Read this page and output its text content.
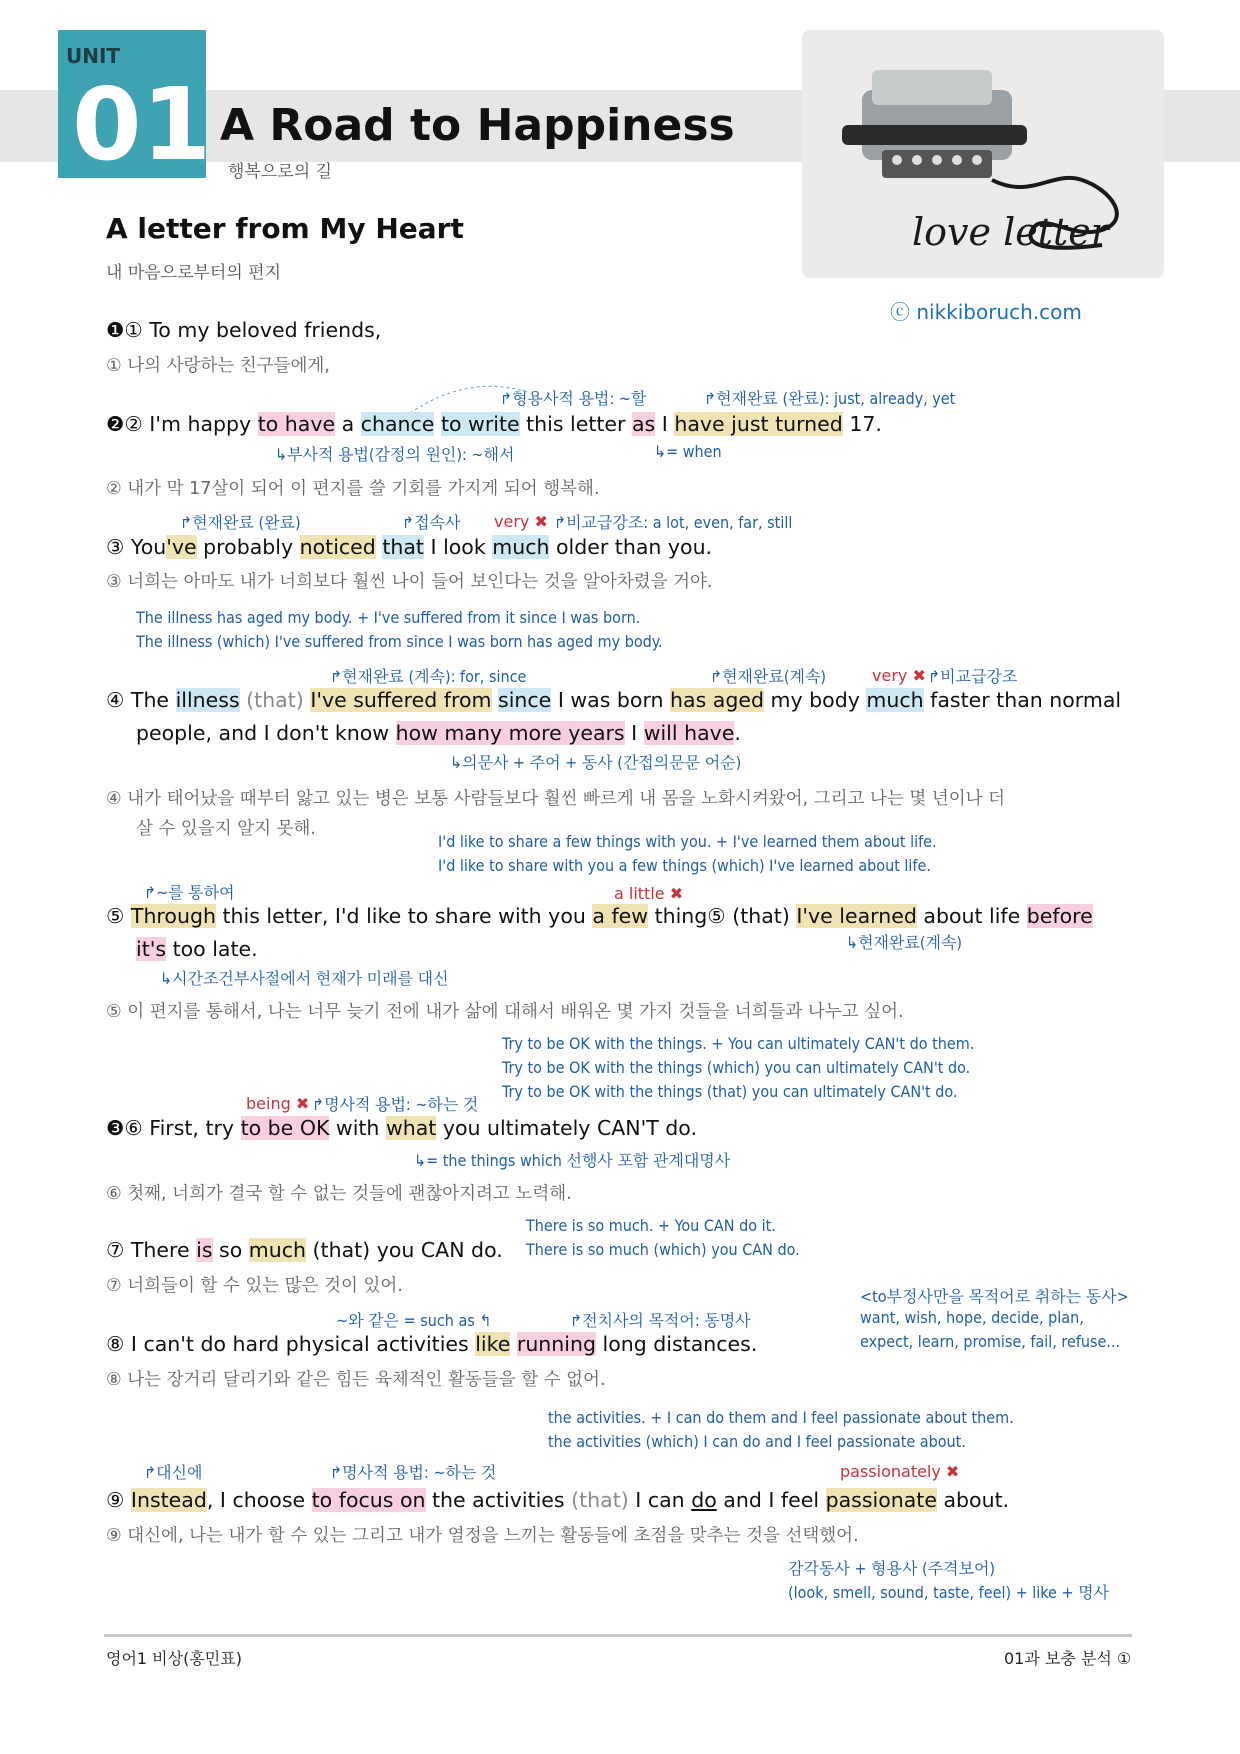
UNIT
01 A Road to Happiness
행복으로의 길
love letter
ⓒ nikkiboruch.com
A letter from My Heart
내 마음으로부터의 편지
❶① To my beloved friends,
① 나의 사랑하는 친구들에게,
↱형용사적 용법: ~할	↱현재완료 (완료): just, already, yet
❷② I'm happy to have a chance to write this letter as I have just turned 17.
↳부사적 용법(감정의 원인): ~해서	↳= when
② 내가 막 17살이 되어 이 편지를 쓸 기회를 가지게 되어 행복해.
↱현재완료 (완료)	↱접속사 very ✖ ↱비교급강조: a lot, even, far, still
③ You've probably noticed that I look much older than you.
③ 너희는 아마도 내가 너희보다 훨씬 나이 들어 보인다는 것을 알아차렸을 거야.
The illness has aged my body. + I've suffered from it since I was born.
The illness (which) I've suffered from since I was born has aged my body.
↱현재완료 (계속): for, since	↱현재완료(계속)	very ✖ ↱비교급강조
④ The illness (that) I've suffered from since I was born has aged my body much faster than normal
people, and I don't know how many more years I will have.
↳의문사 + 주어 + 동사 (간접의문문 어순)
④ 내가 태어났을 때부터 앓고 있는 병은 보통 사람들보다 훨씬 빠르게 내 몸을 노화시켜왔어, 그리고 나는 몇 년이나 더
살 수 있을지 알지 못해.
I'd like to share a few things with you. + I've learned them about life.
I'd like to share with you a few things (which) I've learned about life.
↱~를 통하여	a little ✖
⑤ Through this letter, I'd like to share with you a few thing⑤ (that) I've learned about life before
it's too late.	↳현재완료(계속)
↳시간조건부사절에서 현재가 미래를 대신
⑤ 이 편지를 통해서, 나는 너무 늦기 전에 내가 삶에 대해서 배워온 몇 가지 것들을 너희들과 나누고 싶어.
Try to be OK with the things. + You can ultimately CAN't do them.
Try to be OK with the things (which) you can ultimately CAN't do.
Try to be OK with the things (that) you can ultimately CAN't do.
being ✖ ↱명사적 용법: ~하는 것
❸⑥ First, try to be OK with what you ultimately CAN'T do.
↳= the things which 선행사 포함 관계대명사
⑥ 첫째, 너희가 결국 할 수 없는 것들에 괜찮아지려고 노력해.
There is so much. + You CAN do it.
There is so much (which) you CAN do.
⑦ There is so much (that) you CAN do.
⑦ 너희들이 할 수 있는 많은 것이 있어.
~와 같은 = such as ↰	↱전치사의 목적어: 동명사
<to부정사만을 목적어로 취하는 동사>
want, wish, hope, decide, plan,
expect, learn, promise, fail, refuse...
⑧ I can't do hard physical activities like running long distances.
⑧ 나는 장거리 달리기와 같은 힘든 육체적인 활동들을 할 수 없어.
the activities. + I can do them and I feel passionate about them.
the activities (which) I can do and I feel passionate about.
↱대신에	↱명사적 용법: ~하는 것	passionately ✖
⑨ Instead, I choose to focus on the activities (that) I can do and I feel passionate about.
⑨ 대신에, 나는 내가 할 수 있는 그리고 내가 열정을 느끼는 활동들에 초점을 맞추는 것을 선택했어.
감각동사 + 형용사 (주격보어)
(look, smell, sound, taste, feel) + like + 명사
영어1 비상(홍민표)	01과 보충 분석 ①
